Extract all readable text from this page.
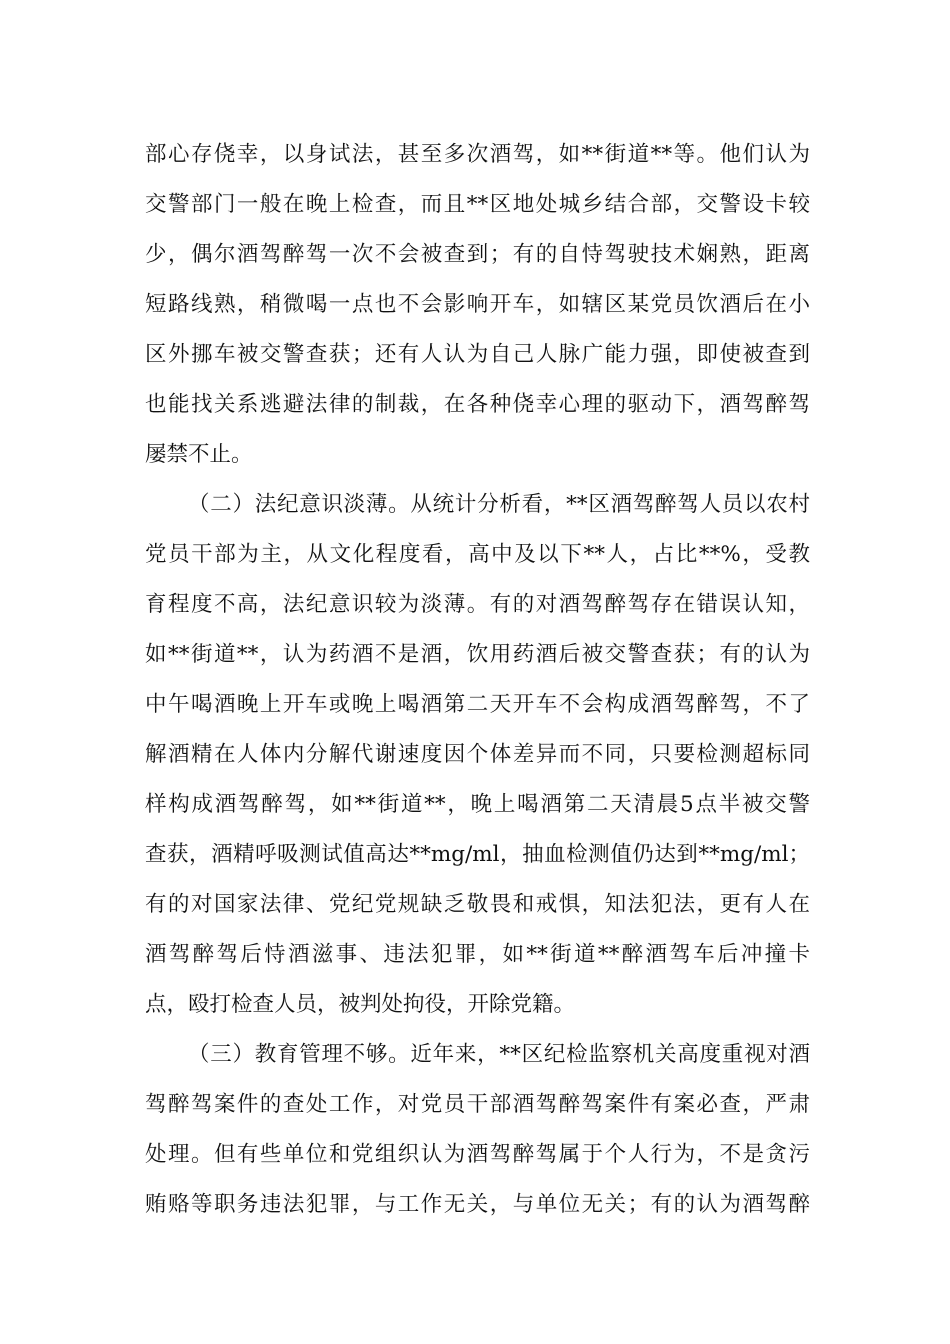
部心存侥幸，以身试法，甚至多次酒驾，如**街道**等。他们认为
交警部门一般在晚上检查，而且**区地处城乡结合部，交警设卡较
少，偶尔酒驾醉驾一次不会被查到；有的自恃驾驶技术娴熟，距离
短路线熟，稍微喝一点也不会影响开车，如辖区某党员饮酒后在小
区外挪车被交警查获；还有人认为自己人脉广能力强，即使被查到
也能找关系逃避法律的制裁，在各种侥幸心理的驱动下，酒驾醉驾
屡禁不止。
（二）法纪意识淡薄。从统计分析看，**区酒驾醉驾人员以农村
党员干部为主，从文化程度看，高中及以下**人，占比**%，受教
育程度不高，法纪意识较为淡薄。有的对酒驾醉驾存在错误认知，
如**街道**，认为药酒不是酒，饮用药酒后被交警查获；有的认为
中午喝酒晚上开车或晚上喝酒第二天开车不会构成酒驾醉驾，不了
解酒精在人体内分解代谢速度因个体差异而不同，只要检测超标同
样构成酒驾醉驾，如**街道**，晚上喝酒第二天清晨5点半被交警
查获，酒精呼吸测试值高达**mg/ml，抽血检测值仍达到**mg/ml；
有的对国家法律、党纪党规缺乏敬畏和戒惧，知法犯法，更有人在
酒驾醉驾后恃酒滋事、违法犯罪，如**街道**醉酒驾车后冲撞卡
点，殴打检查人员，被判处拘役，开除党籍。
（三）教育管理不够。近年来，**区纪检监察机关高度重视对酒
驾醉驾案件的查处工作，对党员干部酒驾醉驾案件有案必查，严肃
处理。但有些单位和党组织认为酒驾醉驾属于个人行为，不是贪污
贿赂等职务违法犯罪，与工作无关，与单位无关；有的认为酒驾醉
